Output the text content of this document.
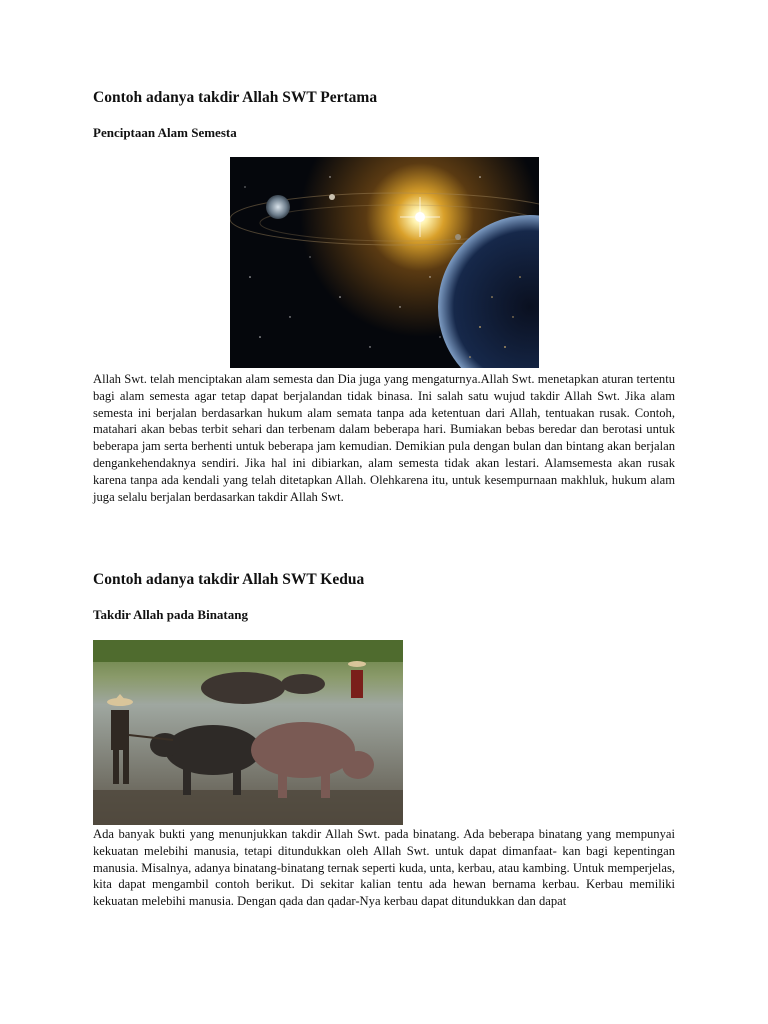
Contoh adanya takdir Allah SWT Pertama
Penciptaan Alam Semesta

Allah Swt. telah menciptakan alam semesta dan Dia juga yang mengaturnya.Allah Swt. menetapkan aturan tertentu bagi alam semesta agar tetap dapat berjalandan tidak binasa. Ini salah satu wujud takdir Allah Swt. Jika alam semesta ini berjalan berdasarkan hukum alam semata tanpa ada ketentuan dari Allah, tentuakan rusak. Contoh, matahari akan bebas terbit sehari dan terbenam dalam beberapa hari. Bumiakan bebas beredar dan berotasi untuk beberapa jam serta berhenti untuk beberapa jam kemudian. Demikian pula dengan bulan dan bintang akan berjalan dengankehendaknya sendiri. Jika hal ini dibiarkan, alam semesta tidak akan lestari. Alamsemesta akan rusak karena tanpa ada kendali yang telah ditetapkan Allah. Olehkarena itu, untuk kesempurnaan makhluk, hukum alam juga selalu berjalan berdasarkan takdir Allah Swt.

Contoh adanya takdir Allah SWT Kedua
Takdir Allah pada Binatang

Ada banyak bukti yang menunjukkan takdir Allah Swt. pada binatang. Ada beberapa binatang yang mempunyai kekuatan melebihi manusia, tetapi ditundukkan oleh Allah Swt. untuk dapat dimanfaat- kan bagi kepentingan manusia. Misalnya, adanya binatang-binatang ternak seperti kuda, unta, kerbau, atau kambing. Untuk memperjelas, kita dapat mengambil contoh berikut. Di sekitar kalian tentu ada hewan bernama kerbau. Kerbau memiliki kekuatan melebihi manusia. Dengan qada dan qadar-Nya kerbau dapat ditundukkan dan dapat
